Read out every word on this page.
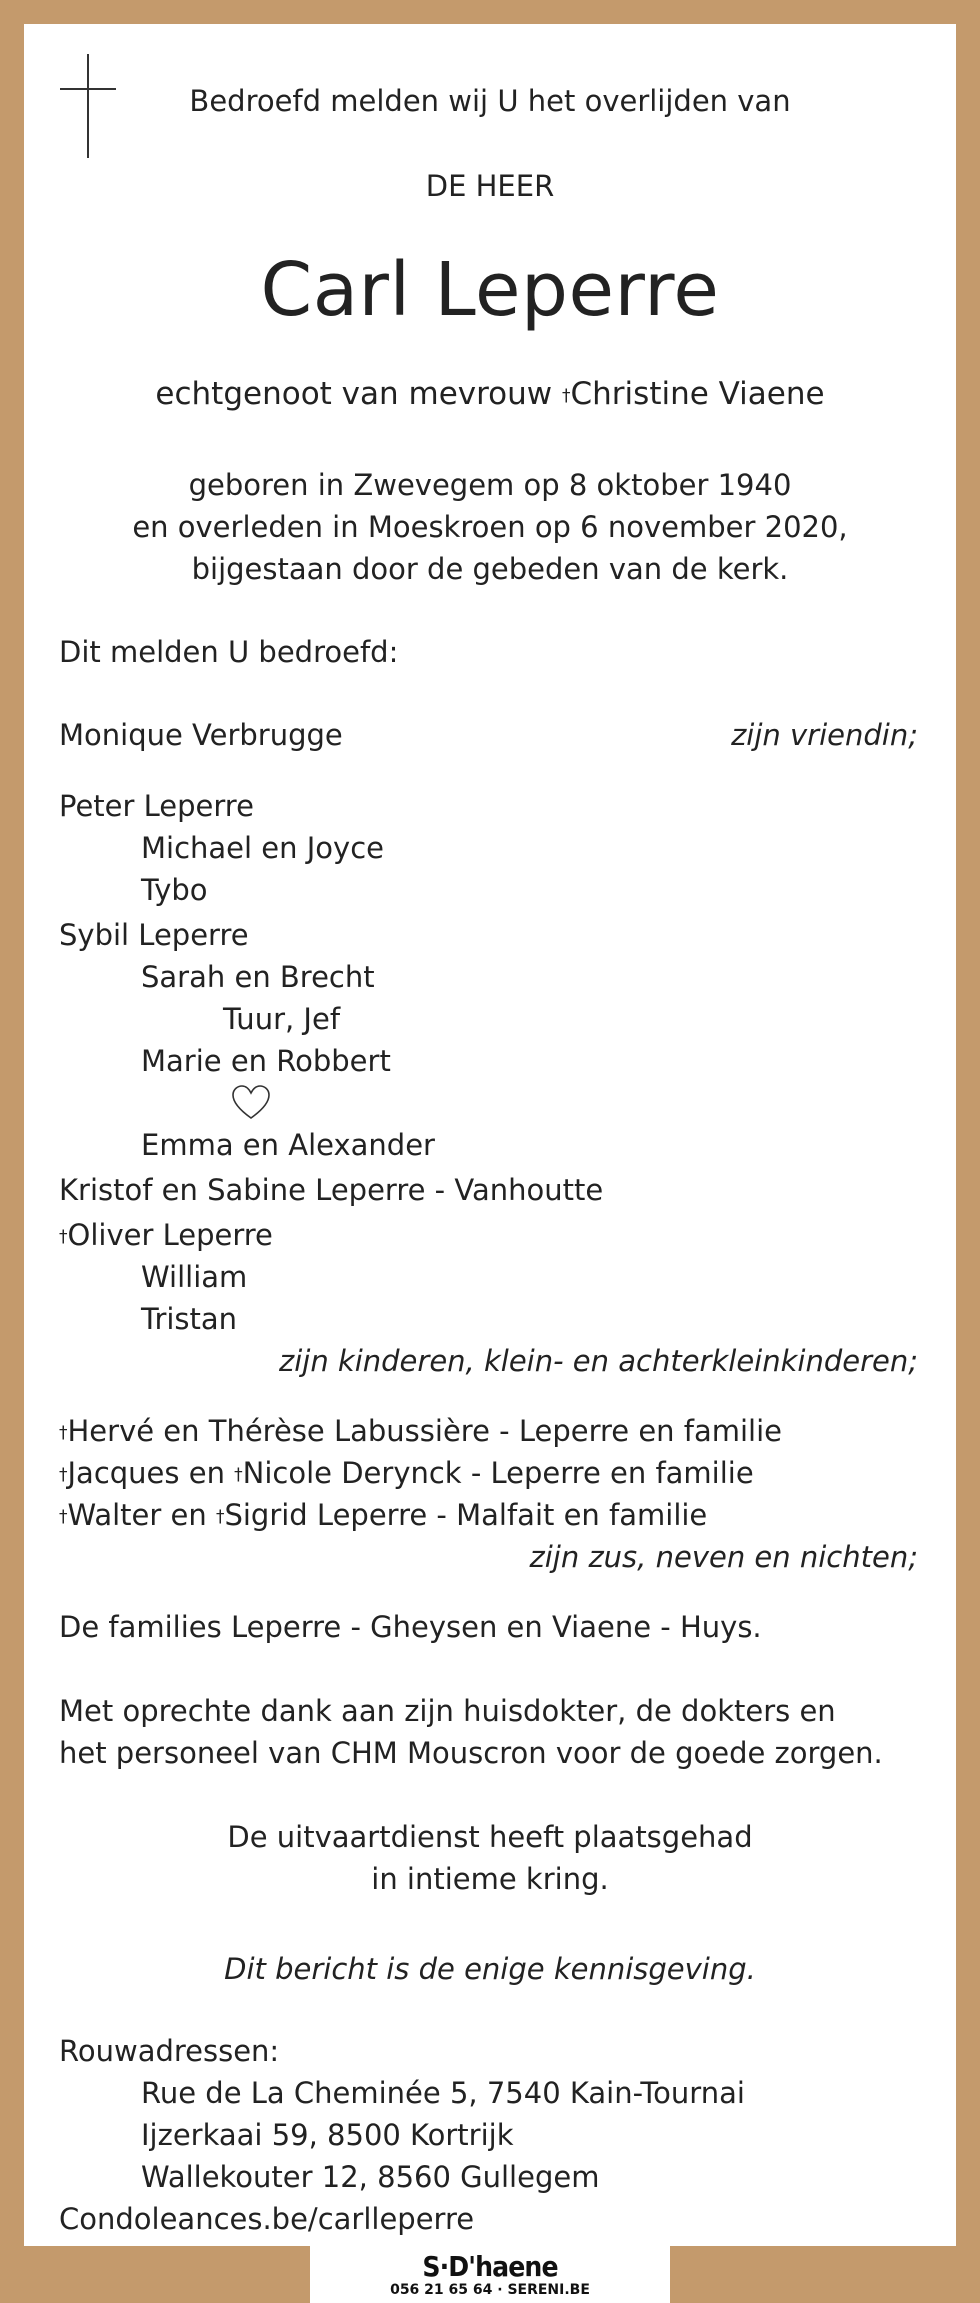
Bedroefd melden wij U het overlijden van
DE HEER
Carl Leperre
echtgenoot van mevrouw †Christine Viaene
geboren in Zwevegem op 8 oktober 1940
en overleden in Moeskroen op 6 november 2020,
bijgestaan door de gebeden van de kerk.
Dit melden U bedroefd:
Monique Verbrugge	zijn vriendin;
Peter Leperre
Michael en Joyce
Tybo
Sybil Leperre
Sarah en Brecht
Tuur, Jef
Marie en Robbert
Emma en Alexander
Kristof en Sabine Leperre - Vanhoutte
†Oliver Leperre
William
Tristan
zijn kinderen, klein- en achterkleinkinderen;
†Hervé en Thérèse Labussière - Leperre en familie
†Jacques en †Nicole Derynck - Leperre en familie
†Walter en †Sigrid Leperre - Malfait en familie
zijn zus, neven en nichten;
De families Leperre - Gheysen en Viaene - Huys.
Met oprechte dank aan zijn huisdokter, de dokters en
het personeel van CHM Mouscron voor de goede zorgen.
De uitvaartdienst heeft plaatsgehad
in intieme kring.
Dit bericht is de enige kennisgeving.
Rouwadressen:
Rue de La Cheminée 5, 7540 Kain-Tournai
Ijzerkaai 59, 8500 Kortrijk
Wallekouter 12, 8560 Gullegem
Condoleances.be/carlleperre
S·D'haene
056 21 65 64 · SERENI.BE
